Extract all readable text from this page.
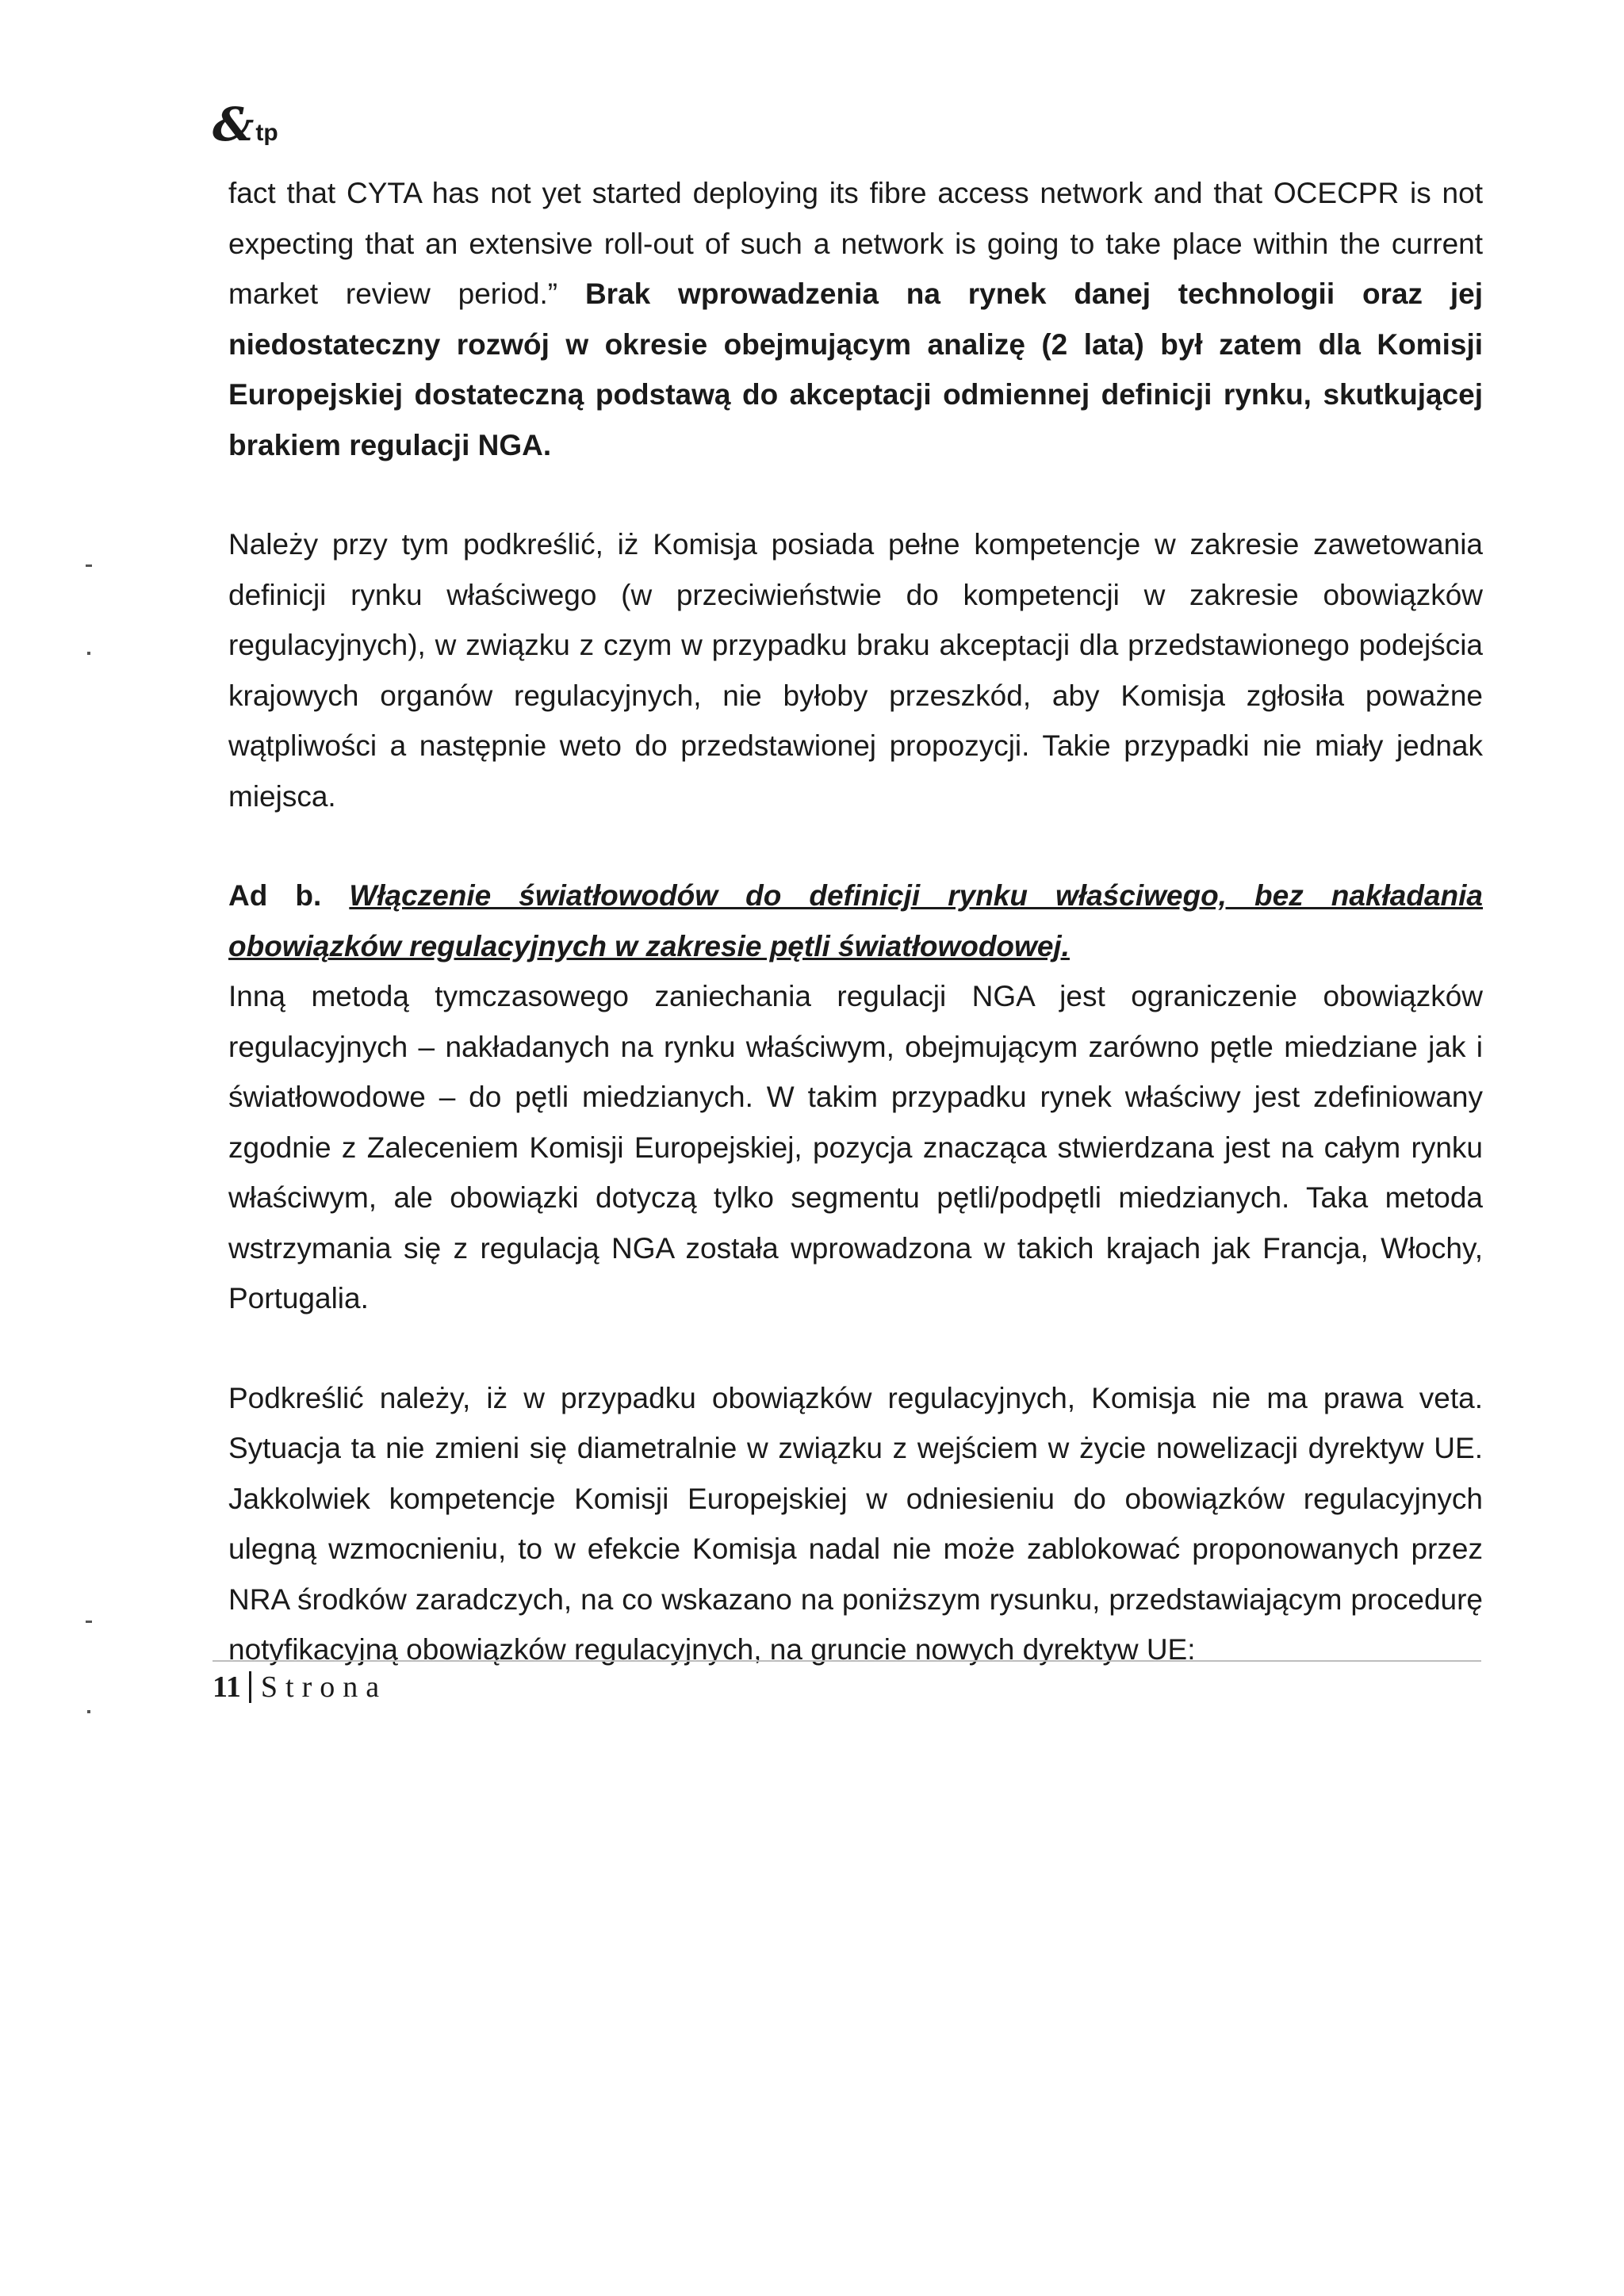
& tp

fact that CYTA has not yet started deploying its fibre access network and that OCECPR is not expecting that an extensive roll-out of such a network is going to take place within the current market review period.” Brak wprowadzenia na rynek danej technologii oraz jej niedostateczny rozwój w okresie obejmującym analizę (2 lata) był zatem dla Komisji Europejskiej dostateczną podstawą do akceptacji odmiennej definicji rynku, skutkującej brakiem regulacji NGA.

Należy przy tym podkreślić, iż Komisja posiada pełne kompetencje w zakresie zawetowania definicji rynku właściwego (w przeciwieństwie do kompetencji w zakresie obowiązków regulacyjnych), w związku z czym w przypadku braku akceptacji dla przedstawionego podejścia krajowych organów regulacyjnych, nie byłoby przeszkód, aby Komisja zgłosiła poważne wątpliwości a następnie weto do przedstawionej propozycji. Takie przypadki nie miały jednak miejsca.

Ad b. Włączenie światłowodów do definicji rynku właściwego, bez nakładania obowiązków regulacyjnych w zakresie pętli światłowodowej.

Inną metodą tymczasowego zaniechania regulacji NGA jest ograniczenie obowiązków regulacyjnych – nakładanych na rynku właściwym, obejmującym zarówno pętle miedziane jak i światłowodowe – do pętli miedzianych. W takim przypadku rynek właściwy jest zdefiniowany zgodnie z Zaleceniem Komisji Europejskiej, pozycja znacząca stwierdzana jest na całym rynku właściwym, ale obowiązki dotyczą tylko segmentu pętli/podpętli miedzianych. Taka metoda wstrzymania się z regulacją NGA została wprowadzona w takich krajach jak Francja, Włochy, Portugalia.

Podkreślić należy, iż w przypadku obowiązków regulacyjnych, Komisja nie ma prawa veta. Sytuacja ta nie zmieni się diametralnie w związku z wejściem w życie nowelizacji dyrektyw UE. Jakkolwiek kompetencje Komisji Europejskiej w odniesieniu do obowiązków regulacyjnych ulegną wzmocnieniu, to w efekcie Komisja nadal nie może zablokować proponowanych przez NRA środków zaradczych, na co wskazano na poniższym rysunku, przedstawiającym procedurę notyfikacyjną obowiązków regulacyjnych, na gruncie nowych dyrektyw UE:

11 Strona
